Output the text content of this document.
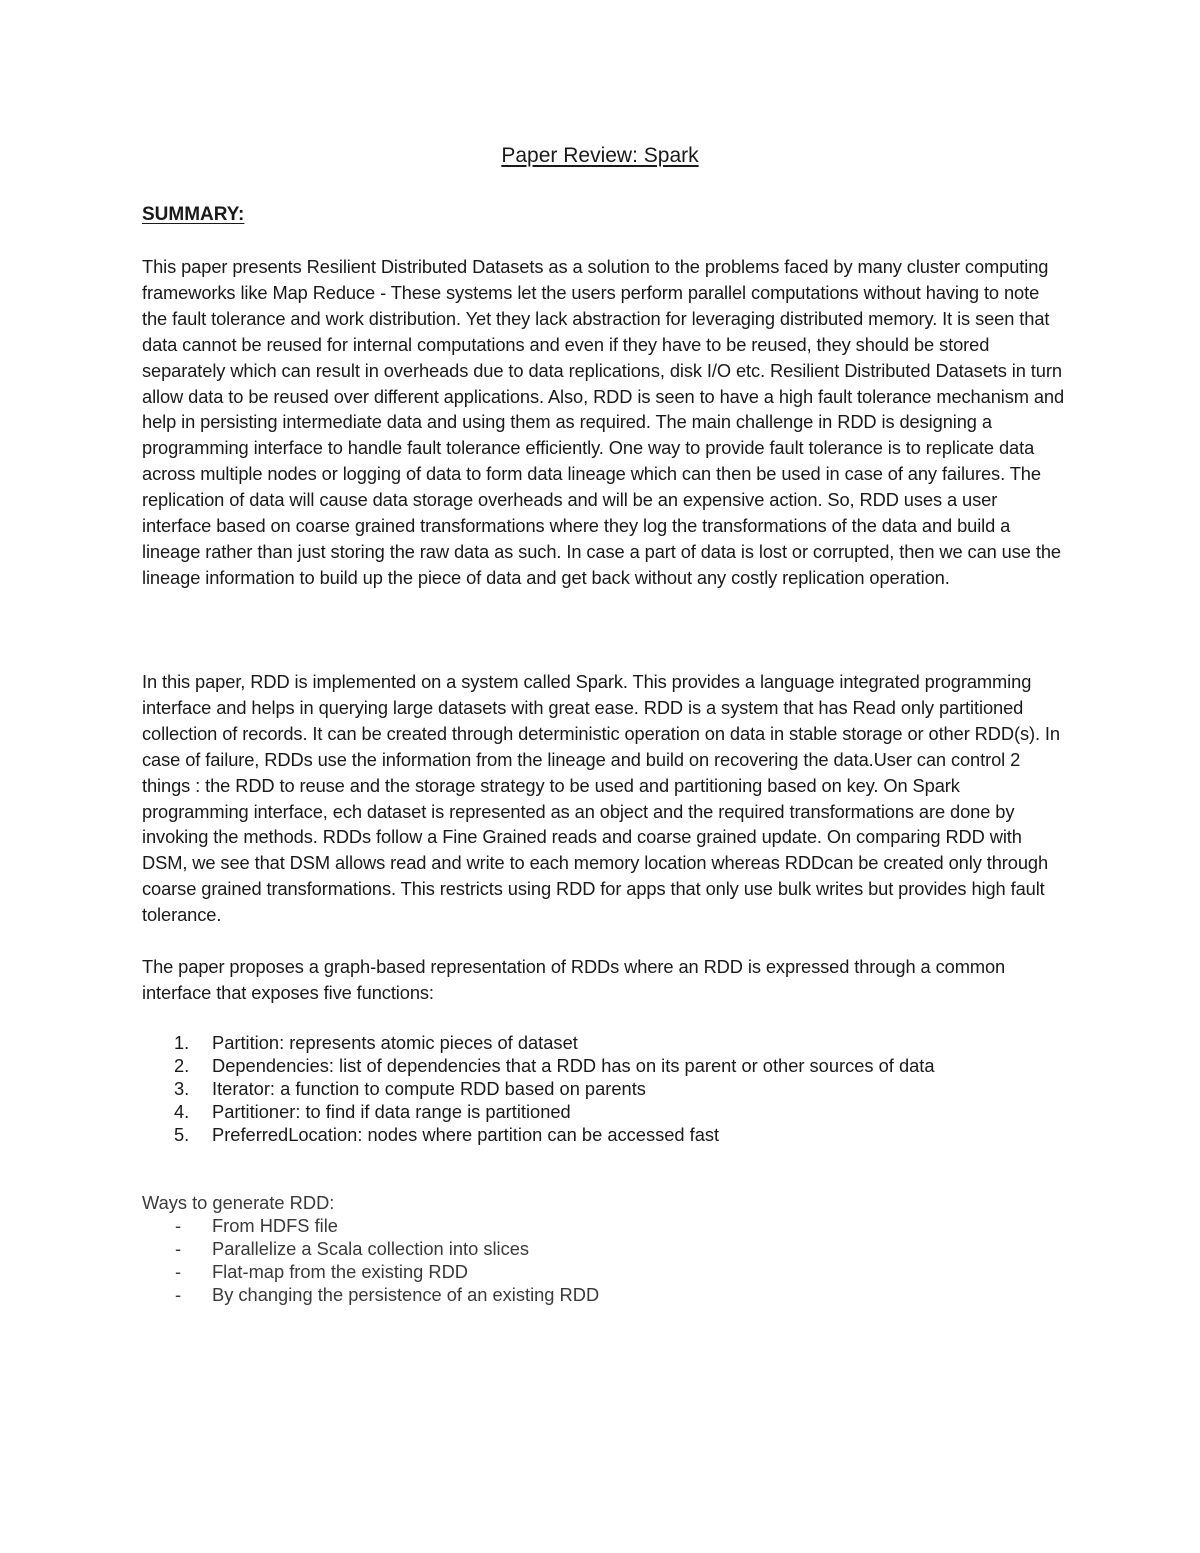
Paper Review: Spark
SUMMARY:

This paper presents Resilient Distributed Datasets as a solution to the problems faced by many cluster computing frameworks like Map Reduce - These systems let the users perform parallel computations without having to note the fault tolerance and work distribution. Yet they lack abstraction for leveraging distributed memory. It is seen that data cannot be reused for internal computations and even if they have to be reused, they should be stored separately which can result in overheads due to data replications, disk I/O etc. Resilient Distributed Datasets in turn allow data to be reused over different applications. Also, RDD is seen to have a high fault tolerance mechanism and help in persisting intermediate data and using them as required. The main challenge in RDD is designing a programming interface to handle fault tolerance efficiently. One way to provide fault tolerance is to replicate data across multiple nodes or logging of data to form data lineage which can then be used in case of any failures. The replication of data will cause data storage overheads and will be an expensive action. So, RDD uses a user interface based on coarse grained transformations where they log the transformations of the data and build a lineage rather than just storing the raw data as such. In case a part of data is lost or corrupted, then we can use the lineage information to build up the piece of data and get back without any costly replication operation.

In this paper, RDD is implemented on a system called Spark. This provides a language integrated programming interface and helps in querying large datasets with great ease. RDD is a system that has Read only partitioned collection of records. It can be created through deterministic operation on data in stable storage or other RDD(s). In case of failure, RDDs use the information from the lineage and build on recovering the data.User can control 2 things : the RDD to reuse and the storage strategy to be used and partitioning based on key. On Spark programming interface, ech dataset is represented as an object and the required transformations are done by invoking the methods. RDDs follow a Fine Grained reads and coarse grained update. On comparing RDD with DSM, we see that DSM allows read and write to each memory location whereas RDDcan be created only through coarse grained transformations. This restricts using RDD for apps that only use bulk writes but provides high fault tolerance.

The paper proposes a graph-based representation of RDDs where an RDD is expressed through a common interface that exposes five functions:

1. Partition: represents atomic pieces of dataset
2. Dependencies: list of dependencies that a RDD has on its parent or other sources of data
3. Iterator: a function to compute RDD based on parents
4. Partitioner: to find if data range is partitioned
5. PreferredLocation: nodes where partition can be accessed fast
Ways to generate RDD:
- From HDFS file
- Parallelize a Scala collection into slices
- Flat-map from the existing RDD
- By changing the persistence of an existing RDD
